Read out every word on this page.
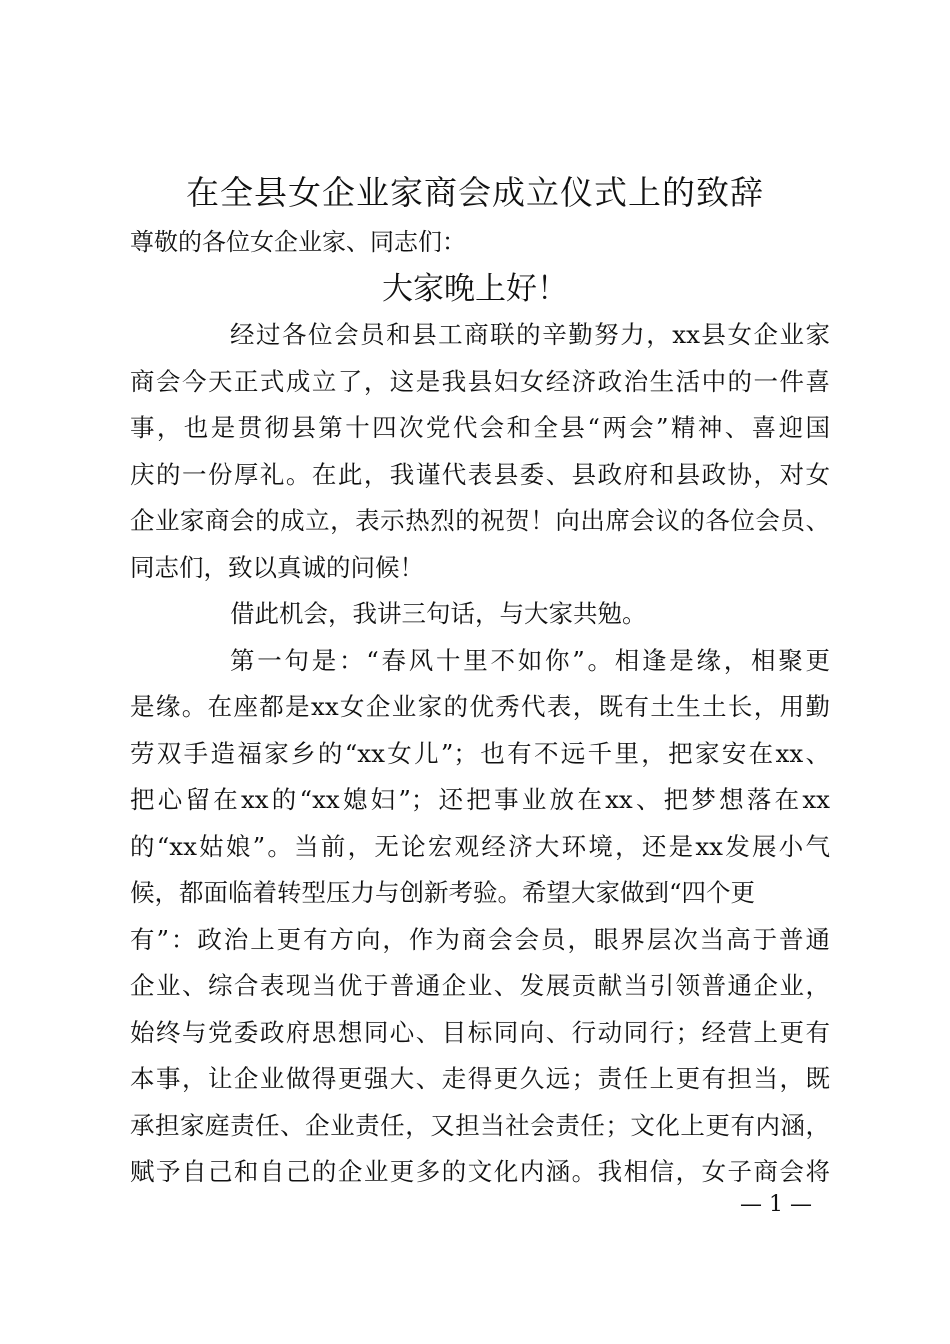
在全县女企业家商会成立仪式上的致辞
尊敬的各位女企业家、同志们：
大家晚上好！
经过各位会员和县工商联的辛勤努力，xx县女企业家
商会今天正式成立了，这是我县妇女经济政治生活中的一件喜
事，也是贯彻县第十四次党代会和全县“两会”精神、喜迎国
庆的一份厚礼。在此，我谨代表县委、县政府和县政协，对女
企业家商会的成立，表示热烈的祝贺！向出席会议的各位会员、
同志们，致以真诚的问候！
借此机会，我讲三句话，与大家共勉。
第一句是：“春风十里不如你”。相逢是缘，相聚更
是缘。在座都是xx女企业家的优秀代表，既有土生土长，用勤
劳双手造福家乡的“xx女儿”；也有不远千里，把家安在xx、
把心留在xx的“xx媳妇”；还把事业放在xx、把梦想落在xx
的“xx姑娘”。当前，无论宏观经济大环境，还是xx发展小气
候，都面临着转型压力与创新考验。希望大家做到“四个更
有”：政治上更有方向，作为商会会员，眼界层次当高于普通
企业、综合表现当优于普通企业、发展贡献当引领普通企业，
始终与党委政府思想同心、目标同向、行动同行；经营上更有
本事，让企业做得更强大、走得更久远；责任上更有担当，既
承担家庭责任、企业责任，又担当社会责任；文化上更有内涵，
赋予自己和自己的企业更多的文化内涵。我相信，女子商会将
— 1 —
